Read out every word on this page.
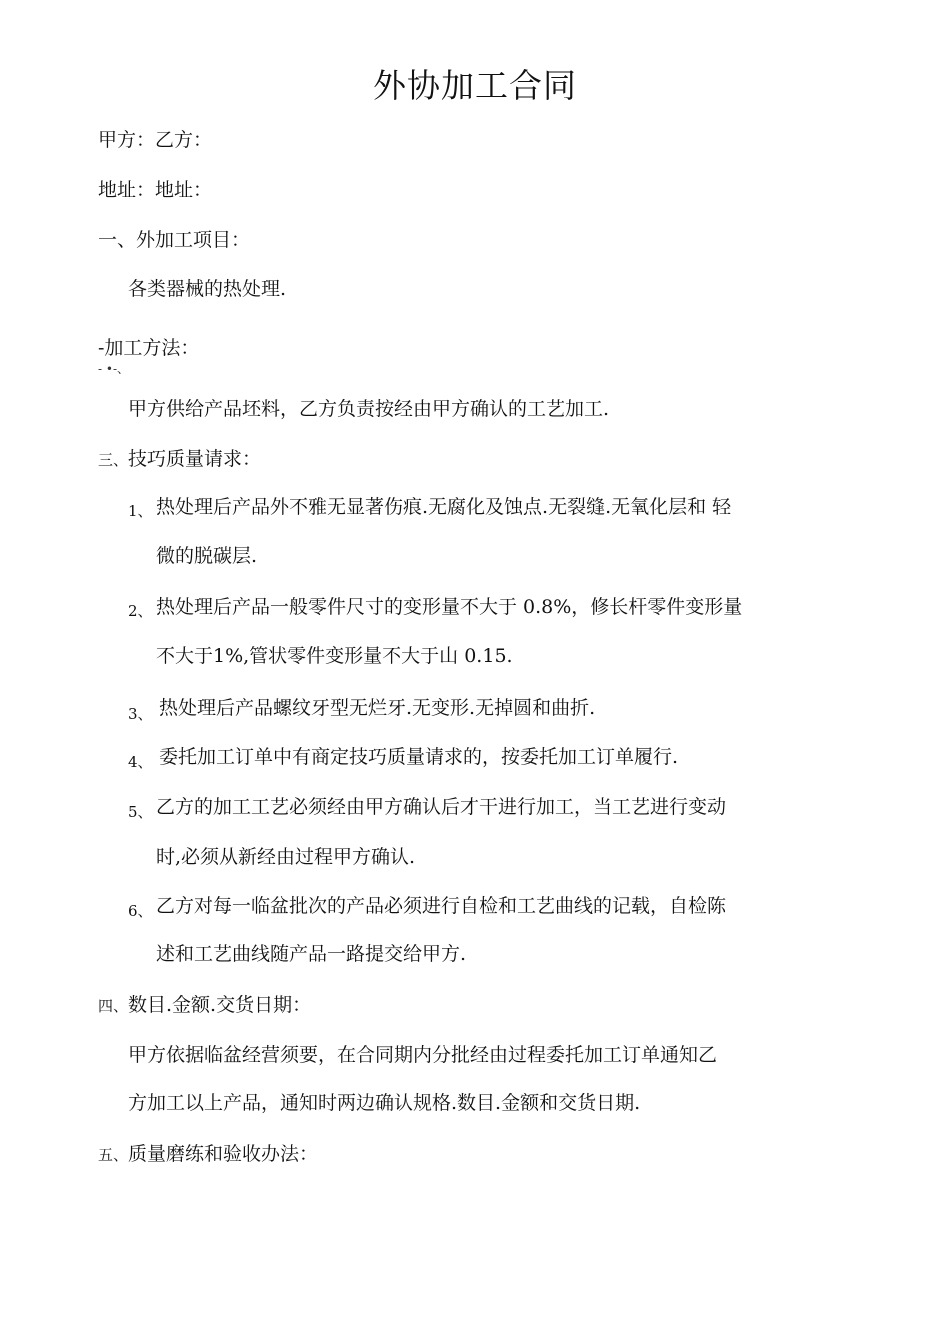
外协加工合同
甲方：乙方：
地址：地址：
一、外加工项目：
各类器械的热处理.
-加工方法：
- •-、
甲方供给产品坯料，乙方负责按经由甲方确认的工艺加工.
三、技巧质量请求：
1、 热处理后产品外不雅无显著伤痕.无腐化及蚀点.无裂缝.无氧化层和 轻
微的脱碳层.
2、 热处理后产品一般零件尺寸的变形量不大于 0.8%，修长杆零件变形量
不大于1%,管状零件变形量不大于山 0.15.
3、 热处理后产品螺纹牙型无烂牙.无变形.无掉圆和曲折.
4、 委托加工订单中有商定技巧质量请求的，按委托加工订单履行.
5、 乙方的加工工艺必须经由甲方确认后才干进行加工，当工艺进行变动
时,必须从新经由过程甲方确认.
6、 乙方对每一临盆批次的产品必须进行自检和工艺曲线的记载，自检陈
述和工艺曲线随产品一路提交给甲方.
四、数目.金额.交货日期：
甲方依据临盆经营须要，在合同期内分批经由过程委托加工订单通知乙
方加工以上产品，通知时两边确认规格.数目.金额和交货日期.
五、质量磨练和验收办法：
